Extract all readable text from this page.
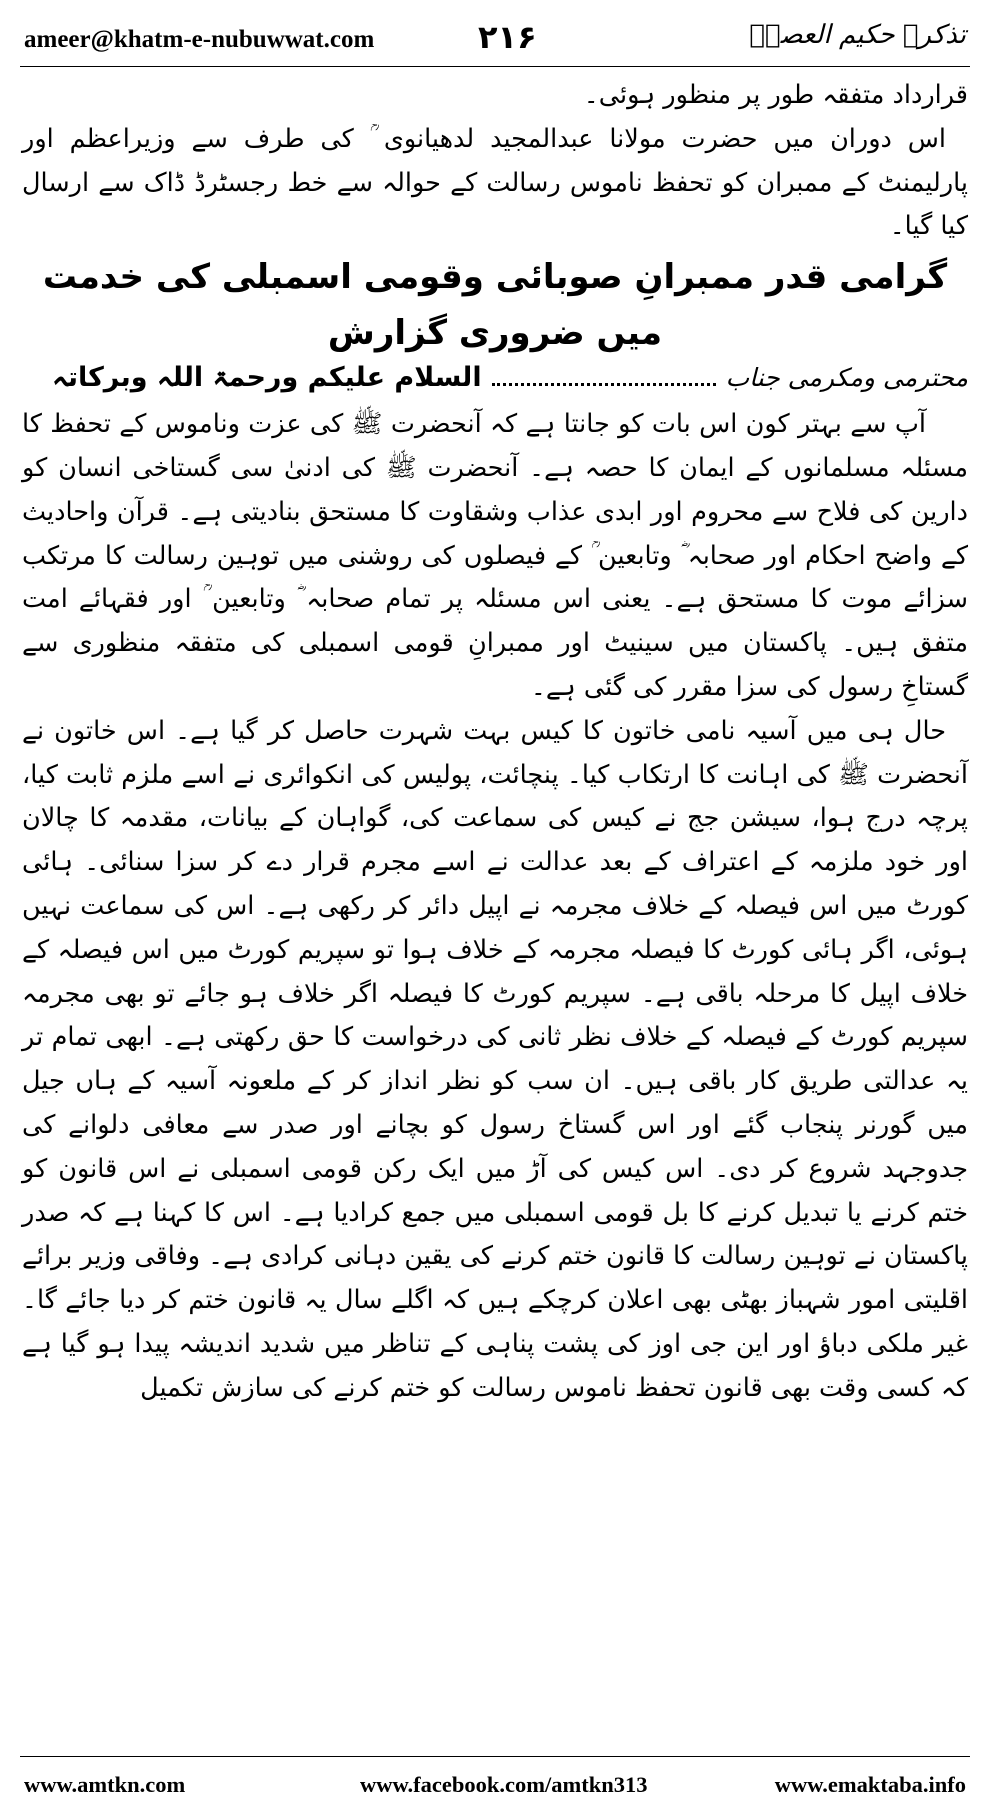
ameer@khatm-e-nubuwwat.com	۲۱۶	تذکرہ حکیم العصرؒ

قرارداد متفقہ طور پر منظور ہوئی۔

اس دوران میں حضرت مولانا عبدالمجید لدھیانوی ؒ کی طرف سے وزیراعظم اور پارلیمنٹ کے ممبران کو تحفظ ناموس رسالت کے حوالہ سے خط رجسٹرڈ ڈاک سے ارسال کیا گیا۔

گرامی قدر ممبرانِ صوبائی وقومی اسمبلی کی خدمت میں ضروری گزارش

محترمی ومکرمی جناب
السلام علیکم ورحمۃ اللہ وبرکاتہ

آپ سے بہتر کون اس بات کو جانتا ہے کہ آنحضرت ﷺ کی عزت وناموس کے تحفظ کا مسئلہ مسلمانوں کے ایمان کا حصہ ہے۔ آنحضرت ﷺ کی ادنیٰ سی گستاخی انسان کو دارین کی فلاح سے محروم اور ابدی عذاب وشقاوت کا مستحق بنادیتی ہے۔ قرآن واحادیث کے واضح احکام اور صحابہ ؓ وتابعین ؒ کے فیصلوں کی روشنی میں توہین رسالت کا مرتکب سزائے موت کا مستحق ہے۔ یعنی اس مسئلہ پر تمام صحابہ ؓ وتابعین ؒ اور فقہائے امت متفق ہیں۔ پاکستان میں سینیٹ اور ممبرانِ قومی اسمبلی کی متفقہ منظوری سے گستاخِ رسول کی سزا مقرر کی گئی ہے۔

حال ہی میں آسیہ نامی خاتون کا کیس بہت شہرت حاصل کر گیا ہے۔ اس خاتون نے آنحضرت ﷺ کی اہانت کا ارتکاب کیا۔ پنچائت، پولیس کی انکوائری نے اسے ملزم ثابت کیا، پرچہ درج ہوا، سیشن جج نے کیس کی سماعت کی، گواہان کے بیانات، مقدمہ کا چالان اور خود ملزمہ کے اعتراف کے بعد عدالت نے اسے مجرم قرار دے کر سزا سنائی۔ ہائی کورٹ میں اس فیصلہ کے خلاف مجرمہ نے اپیل دائر کر رکھی ہے۔ اس کی سماعت نہیں ہوئی، اگر ہائی کورٹ کا فیصلہ مجرمہ کے خلاف ہوا تو سپریم کورٹ میں اس فیصلہ کے خلاف اپیل کا مرحلہ باقی ہے۔ سپریم کورٹ کا فیصلہ اگر خلاف ہو جائے تو بھی مجرمہ سپریم کورٹ کے فیصلہ کے خلاف نظر ثانی کی درخواست کا حق رکھتی ہے۔ ابھی تمام تر یہ عدالتی طریق کار باقی ہیں۔ ان سب کو نظر انداز کر کے ملعونہ آسیہ کے ہاں جیل میں گورنر پنجاب گئے اور اس گستاخ رسول کو بچانے اور صدر سے معافی دلوانے کی جدوجہد شروع کر دی۔ اس کیس کی آڑ میں ایک رکن قومی اسمبلی نے اس قانون کو ختم کرنے یا تبدیل کرنے کا بل قومی اسمبلی میں جمع کرادیا ہے۔ اس کا کہنا ہے کہ صدر پاکستان نے توہین رسالت کا قانون ختم کرنے کی یقین دہانی کرادی ہے۔ وفاقی وزیر برائے اقلیتی امور شہباز بھٹی بھی اعلان کرچکے ہیں کہ اگلے سال یہ قانون ختم کر دیا جائے گا۔ غیر ملکی دباؤ اور این جی اوز کی پشت پناہی کے تناظر میں شدید اندیشہ پیدا ہو گیا ہے کہ کسی وقت بھی قانون تحفظ ناموس رسالت کو ختم کرنے کی سازش تکمیل

www.amtkn.com	www.facebook.com/amtkn313	www.emaktaba.info
